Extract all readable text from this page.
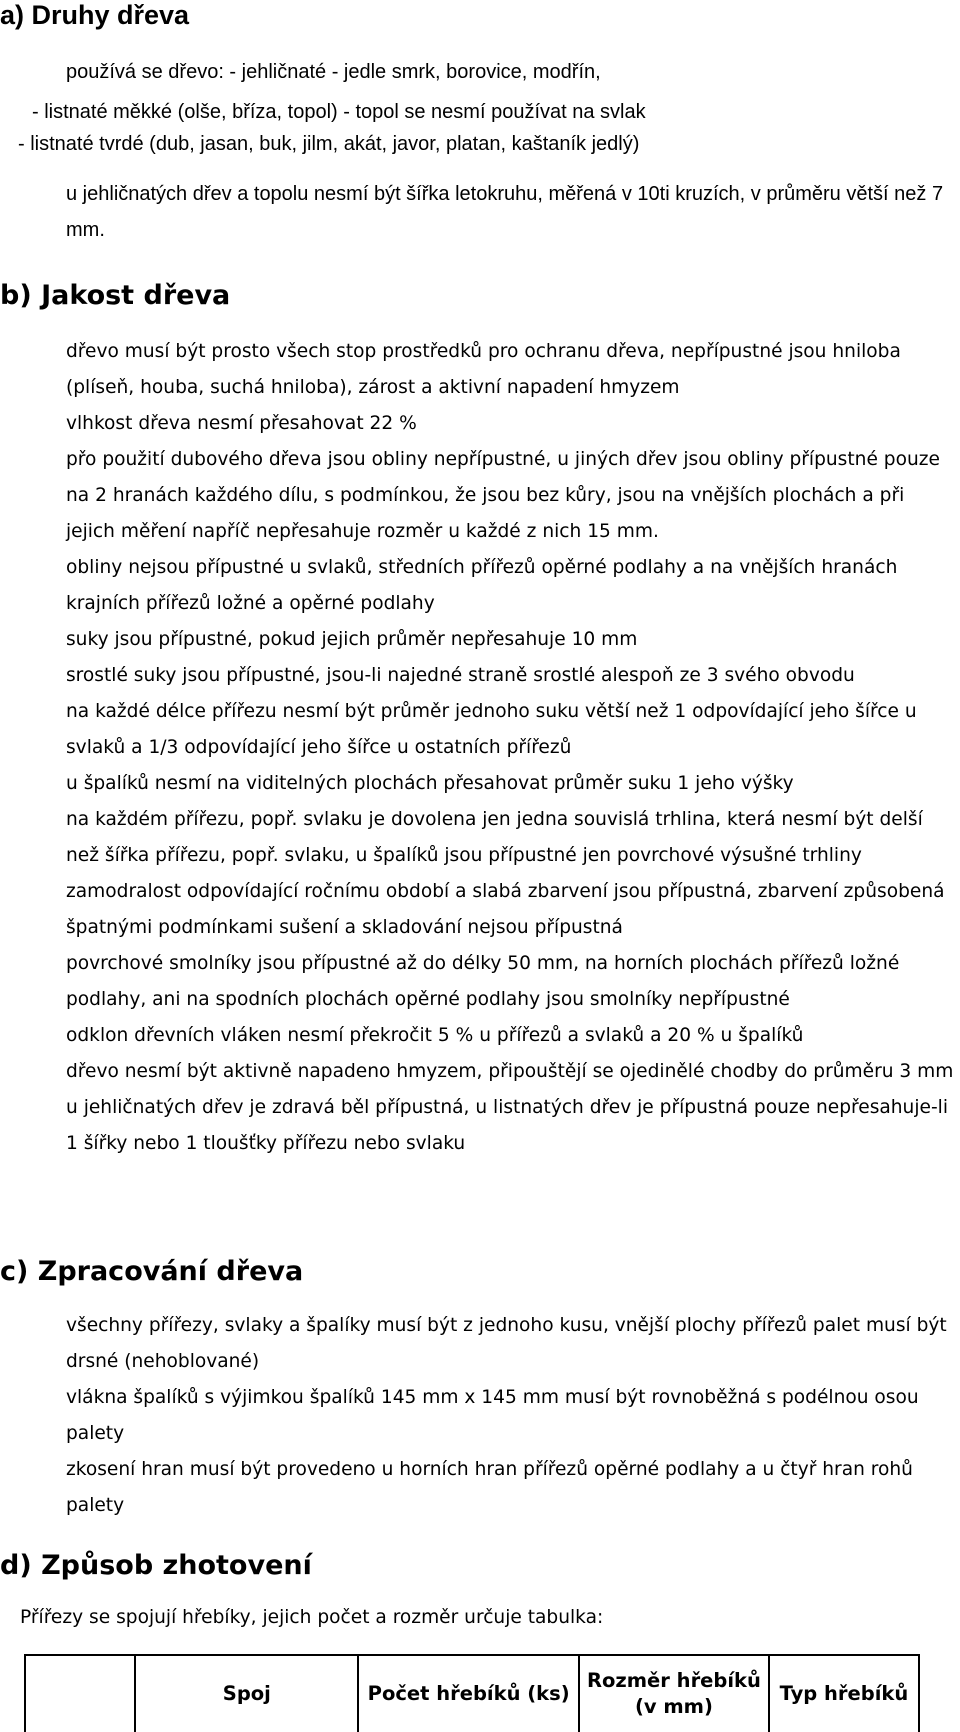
a) Druhy dřeva

používá se dřevo: - jehličnaté - jedle smrk, borovice, modřín,

- listnaté měkké (olše, bříza, topol) - topol se nesmí používat na svlak

- listnaté tvrdé (dub, jasan, buk, jilm, akát, javor, platan, kaštaník jedlý)

u jehličnatých dřev a topolu nesmí být šířka letokruhu, měřená v 10ti kruzích, v průměru větší než 7 mm.

b) Jakost dřeva

dřevo musí být prosto všech stop prostředků pro ochranu dřeva, nepřípustné jsou hniloba (plíseň, houba, suchá hniloba), zárost a aktivní napadení hmyzem

vlhkost dřeva nesmí přesahovat 22 %

přo použití dubového dřeva jsou obliny nepřípustné, u jiných dřev jsou obliny přípustné pouze na 2 hranách každého dílu, s podmínkou, že jsou bez kůry, jsou na vnějších plochách a při jejich měření napříč nepřesahuje rozměr u každé z nich 15 mm.

obliny nejsou přípustné u svlaků, středních přířezů opěrné podlahy a na vnějších hranách krajních přířezů ložné a opěrné podlahy

suky jsou přípustné, pokud jejich průměr nepřesahuje 10 mm

srostlé suky jsou přípustné, jsou-li najedné straně srostlé alespoň ze 3 svého obvodu

na každé délce přířezu nesmí být průměr jednoho suku větší než 1 odpovídající jeho šířce u svlaků a 1/3 odpovídající jeho šířce u ostatních přířezů

u špalíků nesmí na viditelných plochách přesahovat průměr suku 1 jeho výšky

na každém přířezu, popř. svlaku je dovolena jen jedna souvislá trhlina, která nesmí být delší než šířka přířezu, popř. svlaku, u špalíků jsou přípustné jen povrchové výsušné trhliny

zamodralost odpovídající ročnímu období a slabá zbarvení jsou přípustná, zbarvení způsobená špatnými podmínkami sušení a skladování nejsou přípustná

povrchové smolníky jsou přípustné až do délky 50 mm, na horních plochách přířezů ložné podlahy, ani na spodních plochách opěrné podlahy jsou smolníky nepřípustné

odklon dřevních vláken nesmí překročit 5 % u přířezů a svlaků a 20 % u špalíků

dřevo nesmí být aktivně napadeno hmyzem, připouštějí se ojedinělé chodby do průměru 3 mm

u jehličnatých dřev je zdravá běl přípustná, u listnatých dřev je přípustná pouze nepřesahuje-li 1 šířky nebo 1 tloušťky přířezu nebo svlaku

c) Zpracování dřeva

všechny přířezy, svlaky a špalíky musí být z jednoho kusu, vnější plochy přířezů palet musí být drsné (nehoblované)

vlákna špalíků s výjimkou špalíků 145 mm x 145 mm musí být rovnoběžná s podélnou osou palety

zkosení hran musí být provedeno u horních hran přířezů opěrné podlahy a u čtyř hran rohů palety

d) Způsob zhotovení

Přířezy se spojují hřebíky, jejich počet a rozměr určuje tabulka:

	Spoj	Počet hřebíků (ks)	Rozměr hřebíků (v mm)	Typ hřebíků
